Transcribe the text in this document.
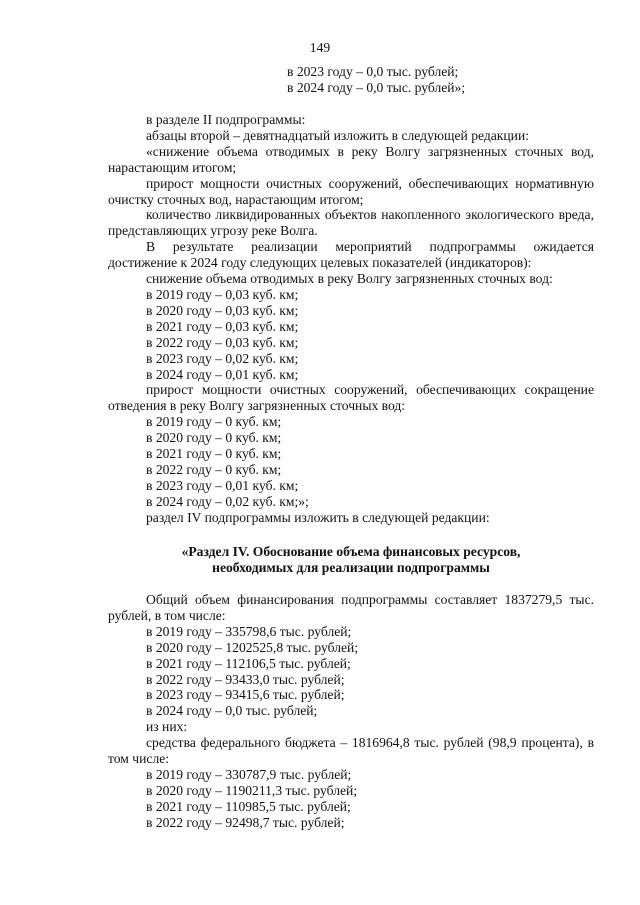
149
в 2023 году – 0,0 тыс. рублей;
в 2024 году – 0,0 тыс. рублей»;
в разделе II подпрограммы:
абзацы второй – девятнадцатый изложить в следующей редакции:
«снижение объема отводимых в реку Волгу загрязненных сточных вод, нарастающим итогом;
прирост мощности очистных сооружений, обеспечивающих нормативную очистку сточных вод, нарастающим итогом;
количество ликвидированных объектов накопленного экологического вреда, представляющих угрозу реке Волга.
В результате реализации мероприятий подпрограммы ожидается достижение к 2024 году следующих целевых показателей (индикаторов):
снижение объема отводимых в реку Волгу загрязненных сточных вод:
в 2019 году – 0,03 куб. км;
в 2020 году – 0,03 куб. км;
в 2021 году – 0,03 куб. км;
в 2022 году – 0,03 куб. км;
в 2023 году – 0,02 куб. км;
в 2024 году – 0,01 куб. км;
прирост мощности очистных сооружений, обеспечивающих сокращение отведения в реку Волгу загрязненных сточных вод:
в 2019 году – 0 куб. км;
в 2020 году – 0 куб. км;
в 2021 году – 0 куб. км;
в 2022 году – 0 куб. км;
в 2023 году – 0,01 куб. км;
в 2024 году – 0,02 куб. км;»;
раздел IV подпрограммы изложить в следующей редакции:
«Раздел IV. Обоснование объема финансовых ресурсов,
необходимых для реализации подпрограммы
Общий объем финансирования подпрограммы составляет 1837279,5 тыс. рублей, в том числе:
в 2019 году – 335798,6 тыс. рублей;
в 2020 году – 1202525,8 тыс. рублей;
в 2021 году – 112106,5 тыс. рублей;
в 2022 году – 93433,0 тыс. рублей;
в 2023 году – 93415,6 тыс. рублей;
в 2024 году – 0,0 тыс. рублей;
из них:
средства федерального бюджета – 1816964,8 тыс. рублей (98,9 процента), в том числе:
в 2019 году – 330787,9 тыс. рублей;
в 2020 году – 1190211,3 тыс. рублей;
в 2021 году – 110985,5 тыс. рублей;
в 2022 году – 92498,7 тыс. рублей;
